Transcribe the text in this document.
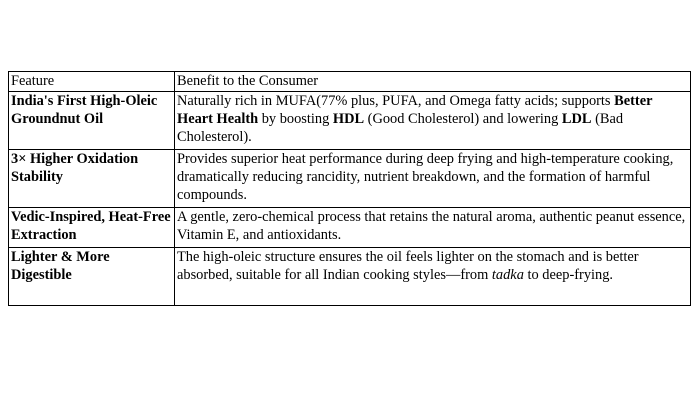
Feature	Benefit to the Consumer
India's First High-Oleic Groundnut Oil	Naturally rich in MUFA(77% plus, PUFA, and Omega fatty acids; supports Better Heart Health by boosting HDL (Good Cholesterol) and lowering LDL (Bad Cholesterol).
3× Higher Oxidation Stability	Provides superior heat performance during deep frying and high-temperature cooking, dramatically reducing rancidity, nutrient breakdown, and the formation of harmful compounds.
Vedic-Inspired, Heat-Free Extraction	A gentle, zero-chemical process that retains the natural aroma, authentic peanut essence, Vitamin E, and antioxidants.
Lighter & More Digestible	The high-oleic structure ensures the oil feels lighter on the stomach and is better absorbed, suitable for all Indian cooking styles—from tadka to deep-frying.
